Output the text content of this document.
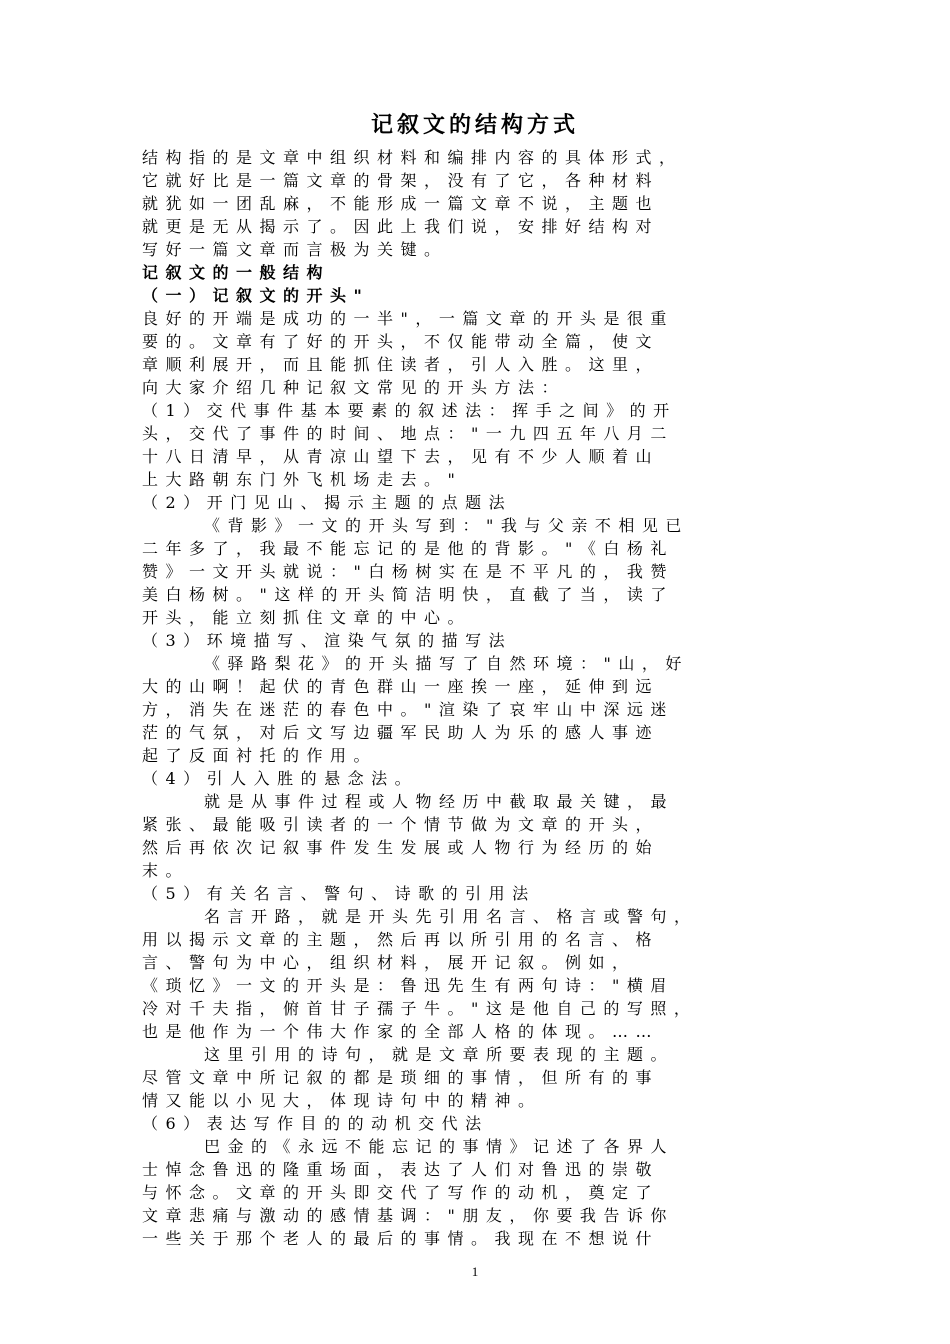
记叙文的结构方式
结构指的是文章中组织材料和编排内容的具体形式，
它就好比是一篇文章的骨架，没有了它，各种材料
就犹如一团乱麻，不能形成一篇文章不说，主题也
就更是无从揭示了。因此上我们说，安排好结构对
写好一篇文章而言极为关键。
记叙文的一般结构
（一）记叙文的开头"
良好的开端是成功的一半"，一篇文章的开头是很重
要的。文章有了好的开头，不仅能带动全篇，使文
章顺利展开，而且能抓住读者，引人入胜。这里，
向大家介绍几种记叙文常见的开头方法：
（1）交代事件基本要素的叙述法：挥手之间》的开
头，交代了事件的时间、地点："一九四五年八月二
十八日清早，从青凉山望下去，见有不少人顺着山
上大路朝东门外飞机场走去。"
（2）开门见山、揭示主题的点题法
《背影》一文的开头写到："我与父亲不相见已
二年多了，我最不能忘记的是他的背影。"《白杨礼
赞》一文开头就说："白杨树实在是不平凡的，我赞
美白杨树。"这样的开头简洁明快，直截了当，读了
开头，能立刻抓住文章的中心。
（3）环境描写、渲染气氛的描写法
《驿路梨花》的开头描写了自然环境："山，好
大的山啊！起伏的青色群山一座挨一座，延伸到远
方，消失在迷茫的春色中。"渲染了哀牢山中深远迷
茫的气氛，对后文写边疆军民助人为乐的感人事迹
起了反面衬托的作用。
（4）引人入胜的悬念法。
就是从事件过程或人物经历中截取最关键，最
紧张、最能吸引读者的一个情节做为文章的开头，
然后再依次记叙事件发生发展或人物行为经历的始
末。
（5）有关名言、警句、诗歌的引用法
名言开路，就是开头先引用名言、格言或警句，
用以揭示文章的主题，然后再以所引用的名言、格
言、警句为中心，组织材料，展开记叙。例如，
《琐忆》一文的开头是：鲁迅先生有两句诗："横眉
冷对千夫指，俯首甘子孺子牛。"这是他自己的写照，
也是他作为一个伟大作家的全部人格的体现。……
这里引用的诗句，就是文章所要表现的主题。
尽管文章中所记叙的都是琐细的事情，但所有的事
情又能以小见大，体现诗句中的精神。
（6）表达写作目的的动机交代法
巴金的《永远不能忘记的事情》记述了各界人
士悼念鲁迅的隆重场面，表达了人们对鲁迅的崇敬
与怀念。文章的开头即交代了写作的动机，奠定了
文章悲痛与激动的感情基调："朋友，你要我告诉你
一些关于那个老人的最后的事情。我现在不想说什
1
